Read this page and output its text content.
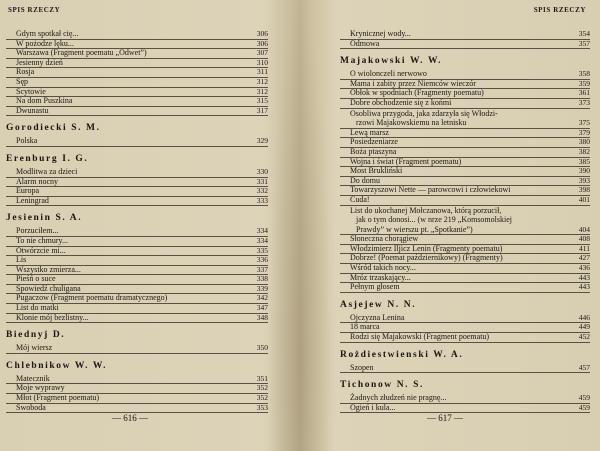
SPIS RZECZY
Gdym spotkał cię...	306
W pożodze lęku...	306
Warszawa (Fragment poematu „Odwet”)	307
Jesienny dzień	310
Rosja	311
Sęp	312
Scytowie	312
Na dom Puszkina	315
Dwunastu	317
Gorodiecki S. M.
Polska	329
Erenburg I. G.
Modlitwa za dzieci	330
Alarm nocny	331
Europa	332
Leningrad	333
Jesienin S. A.
Porzuciłem...	334
To nie chmury...	334
Otwórzcie mi...	335
Lis	336
Wszystko zmierza...	337
Pieśń o suce	338
Spowiedź chuligana	339
Pugaczow (Fragment poematu dramatycznego)	342
List do matki	347
Klonie mój bezlistny...	348
Biednyj D.
Mój wiersz	350
Chlebnikow W. W.
Matecznik	351
Moje wyprawy	352
Młot (Fragment poematu)	352
Swoboda	353
— 616 —
SPIS RZECZY
Krynicznej wody...	354
Odmowa	357
Majakowski W. W.
O wiolonczeli nerwowo	358
Mama i zabity przez Niemców wieczór	359
Obłok w spodniach (Fragmenty poematu)	361
Dobre obchodzenie się z końmi	373
Osobliwa przygoda, jaka zdarzyła się Włodzi-
rzowi Majakowskiemu na letnisku	375
Lewą marsz	379
Posiedzeniarze	380
Boża ptaszyna	382
Wojna i świat (Fragment poematu)	385
Most Brukliński	390
Do domu	393
Towarzyszowi Nette — parowcowi i człowiekowi	398
Cuda!	401
List do ukochanej Mołczanowa, którą porzucił,
jak o tym donosi... (w nrze 219 „Komsomolskiej
Prawdy” w wierszu pt. „Spotkanie”)	404
Słoneczna chorągiew	408
Włodzimierz Iljicz Lenin (Fragmenty poematu)	411
Dobrze! (Poemat październikowy) (Fragmenty)	427
Wśród takich nocy...	436
Mróz trzaskający...	443
Pełnym głosem	443
Asjejew N. N.
Ojczyzna Lenina	446
18 marca	449
Rodzi się Majakowski (Fragment poematu)	452
Rożdiestwienski W. A.
Szopen	457
Tichonow N. S.
Żadnych złudzeń nie pragnę...	459
Ogień i kula...	459
— 617 —
